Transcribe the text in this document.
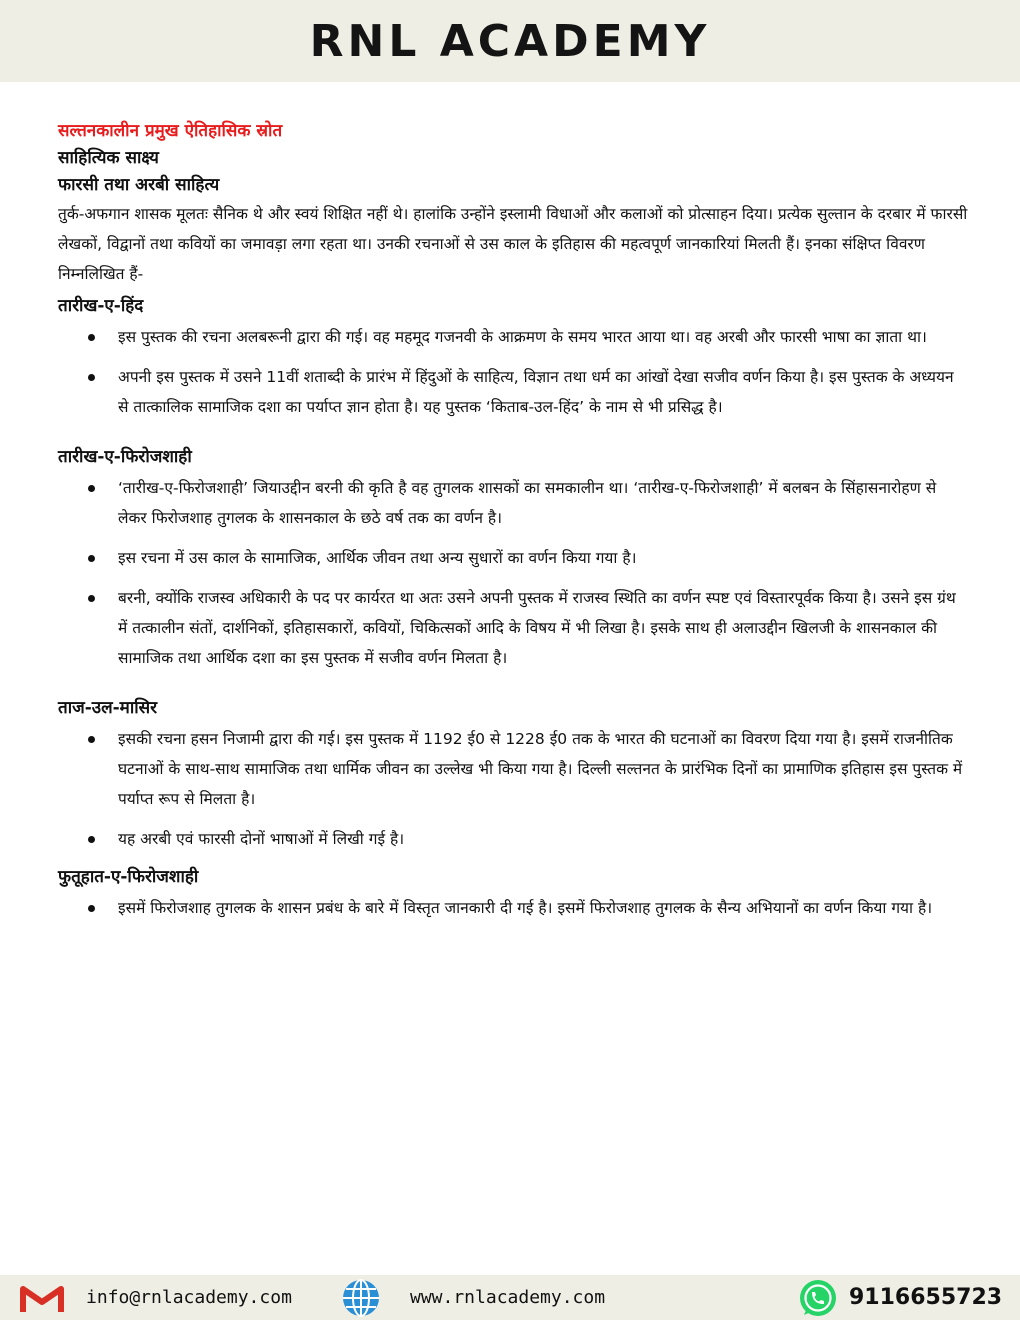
RNL ACADEMY
सल्तनकालीन प्रमुख ऐतिहासिक स्रोत
साहित्यिक साक्ष्य
फारसी तथा अरबी साहित्य

तुर्क-अफगान शासक मूलतः सैनिक थे और स्वयं शिक्षित नहीं थे। हालांकि उन्होंने इस्लामी विधाओं और कलाओं को प्रोत्साहन दिया। प्रत्येक सुल्तान के दरबार में फारसी लेखकों, विद्वानों तथा कवियों का जमावड़ा लगा रहता था। उनकी रचनाओं से उस काल के इतिहास की महत्वपूर्ण जानकारियां मिलती हैं। इनका संक्षिप्त विवरण निम्नलिखित हैं-

तारीख-ए-हिंद
इस पुस्तक की रचना अलबरूनी द्वारा की गई। वह महमूद गजनवी के आक्रमण के समय भारत आया था। वह अरबी और फारसी भाषा का ज्ञाता था।
अपनी इस पुस्तक में उसने 11वीं शताब्दी के प्रारंभ में हिंदुओं के साहित्य, विज्ञान तथा धर्म का आंखों देखा सजीव वर्णन किया है। इस पुस्तक के अध्ययन से तात्कालिक सामाजिक दशा का पर्याप्त ज्ञान होता है। यह पुस्तक ‘किताब-उल-हिंद’ के नाम से भी प्रसिद्ध है।
तारीख-ए-फिरोजशाही
‘तारीख-ए-फिरोजशाही’ जियाउद्दीन बरनी की कृति है वह तुगलक शासकों का समकालीन था। ‘तारीख-ए-फिरोजशाही’ में बलबन के सिंहासनारोहण से लेकर फिरोजशाह तुगलक के शासनकाल के छठे वर्ष तक का वर्णन है।
इस रचना में उस काल के सामाजिक, आर्थिक जीवन तथा अन्य सुधारों का वर्णन किया गया है।
बरनी, क्योंकि राजस्व अधिकारी के पद पर कार्यरत था अतः उसने अपनी पुस्तक में राजस्व स्थिति का वर्णन स्पष्ट एवं विस्तारपूर्वक किया है। उसने इस ग्रंथ में तत्कालीन संतों, दार्शनिकों, इतिहासकारों, कवियों, चिकित्सकों आदि के विषय में भी लिखा है। इसके साथ ही अलाउद्दीन खिलजी के शासनकाल की सामाजिक तथा आर्थिक दशा का इस पुस्तक में सजीव वर्णन मिलता है।
ताज-उल-मासिर
इसकी रचना हसन निजामी द्वारा की गई। इस पुस्तक में 1192 ई0 से 1228 ई0 तक के भारत की घटनाओं का विवरण दिया गया है। इसमें राजनीतिक घटनाओं के साथ-साथ सामाजिक तथा धार्मिक जीवन का उल्लेख भी किया गया है। दिल्ली सल्तनत के प्रारंभिक दिनों का प्रामाणिक इतिहास इस पुस्तक में पर्याप्त रूप से मिलता है।
यह अरबी एवं फारसी दोनों भाषाओं में लिखी गई है।
फुतूहात-ए-फिरोजशाही
इसमें फिरोजशाह तुगलक के शासन प्रबंध के बारे में विस्तृत जानकारी दी गई है। इसमें फिरोजशाह तुगलक के सैन्य अभियानों का वर्णन किया गया है।
info@rnlacademy.com	www.rnlacademy.com	9116655723
